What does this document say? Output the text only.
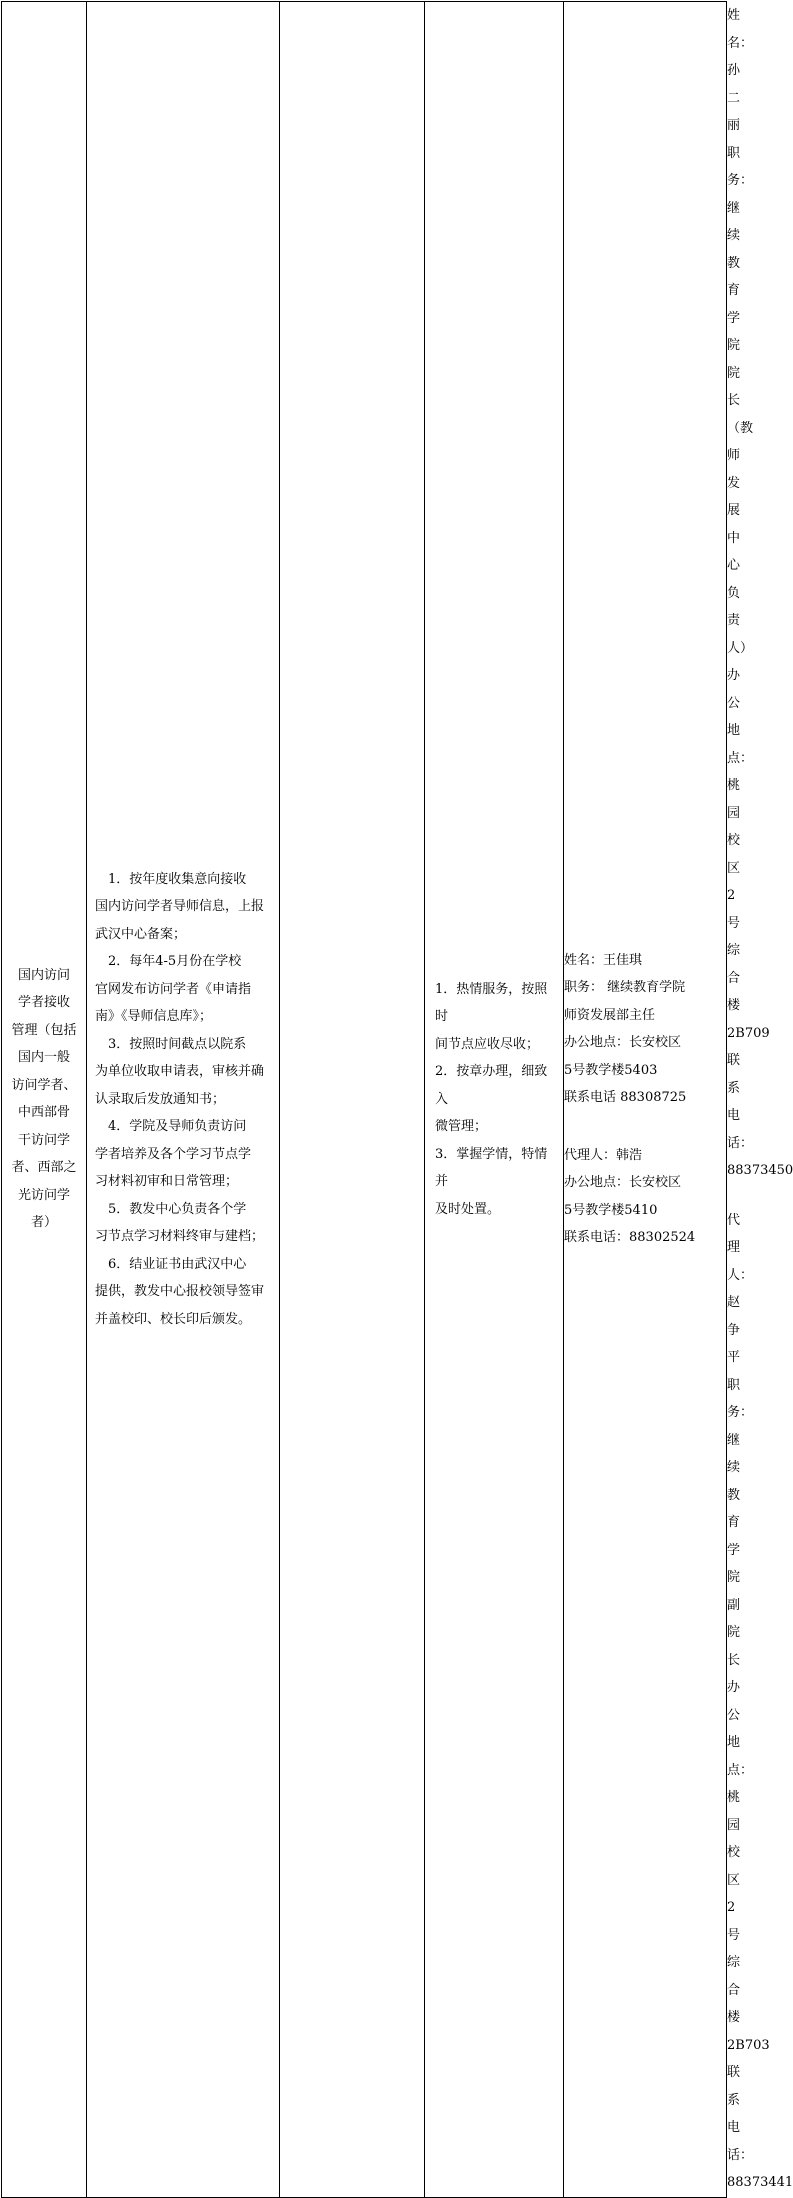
国内访问
学者接收
管理（包括
国内一般
访问学者、
中西部骨
干访问学
者、西部之
光访问学
者）

　1．按年度收集意向接收
国内访问学者导师信息，上报
武汉中心备案；
　2．每年4-5月份在学校
官网发布访问学者《申请指
南》《导师信息库》；
　3．按照时间截点以院系
为单位收取申请表，审核并确
认录取后发放通知书；
　4．学院及导师负责访问
学者培养及各个学习节点学
习材料初审和日常管理；
　5．教发中心负责各个学
习节点学习材料终审与建档；
　6．结业证书由武汉中心
提供，教发中心报校领导签审
并盖校印、校长印后颁发。

1．热情服务，按照时
间节点应收尽收；
2．按章办理，细致入
微管理；
3．掌握学情，特情并
及时处置。

姓名：王佳琪
职务： 继续教育学院
师资发展部主任
办公地点：长安校区
5号教学楼5403
联系电话 88308725
代理人：韩浩
办公地点：长安校区
5号教学楼5410
联系电话：88302524

姓名：孙二丽
职务：继续教育学院院
长（教师发展中心负责
人）
办公地点：桃园校区2
号综合楼2B709
联系电话：88373450
代理人：赵争平
职务：继续教育学院副
院长
办公地点：桃园校区2
号综合楼2B703
联系电话：88373441
